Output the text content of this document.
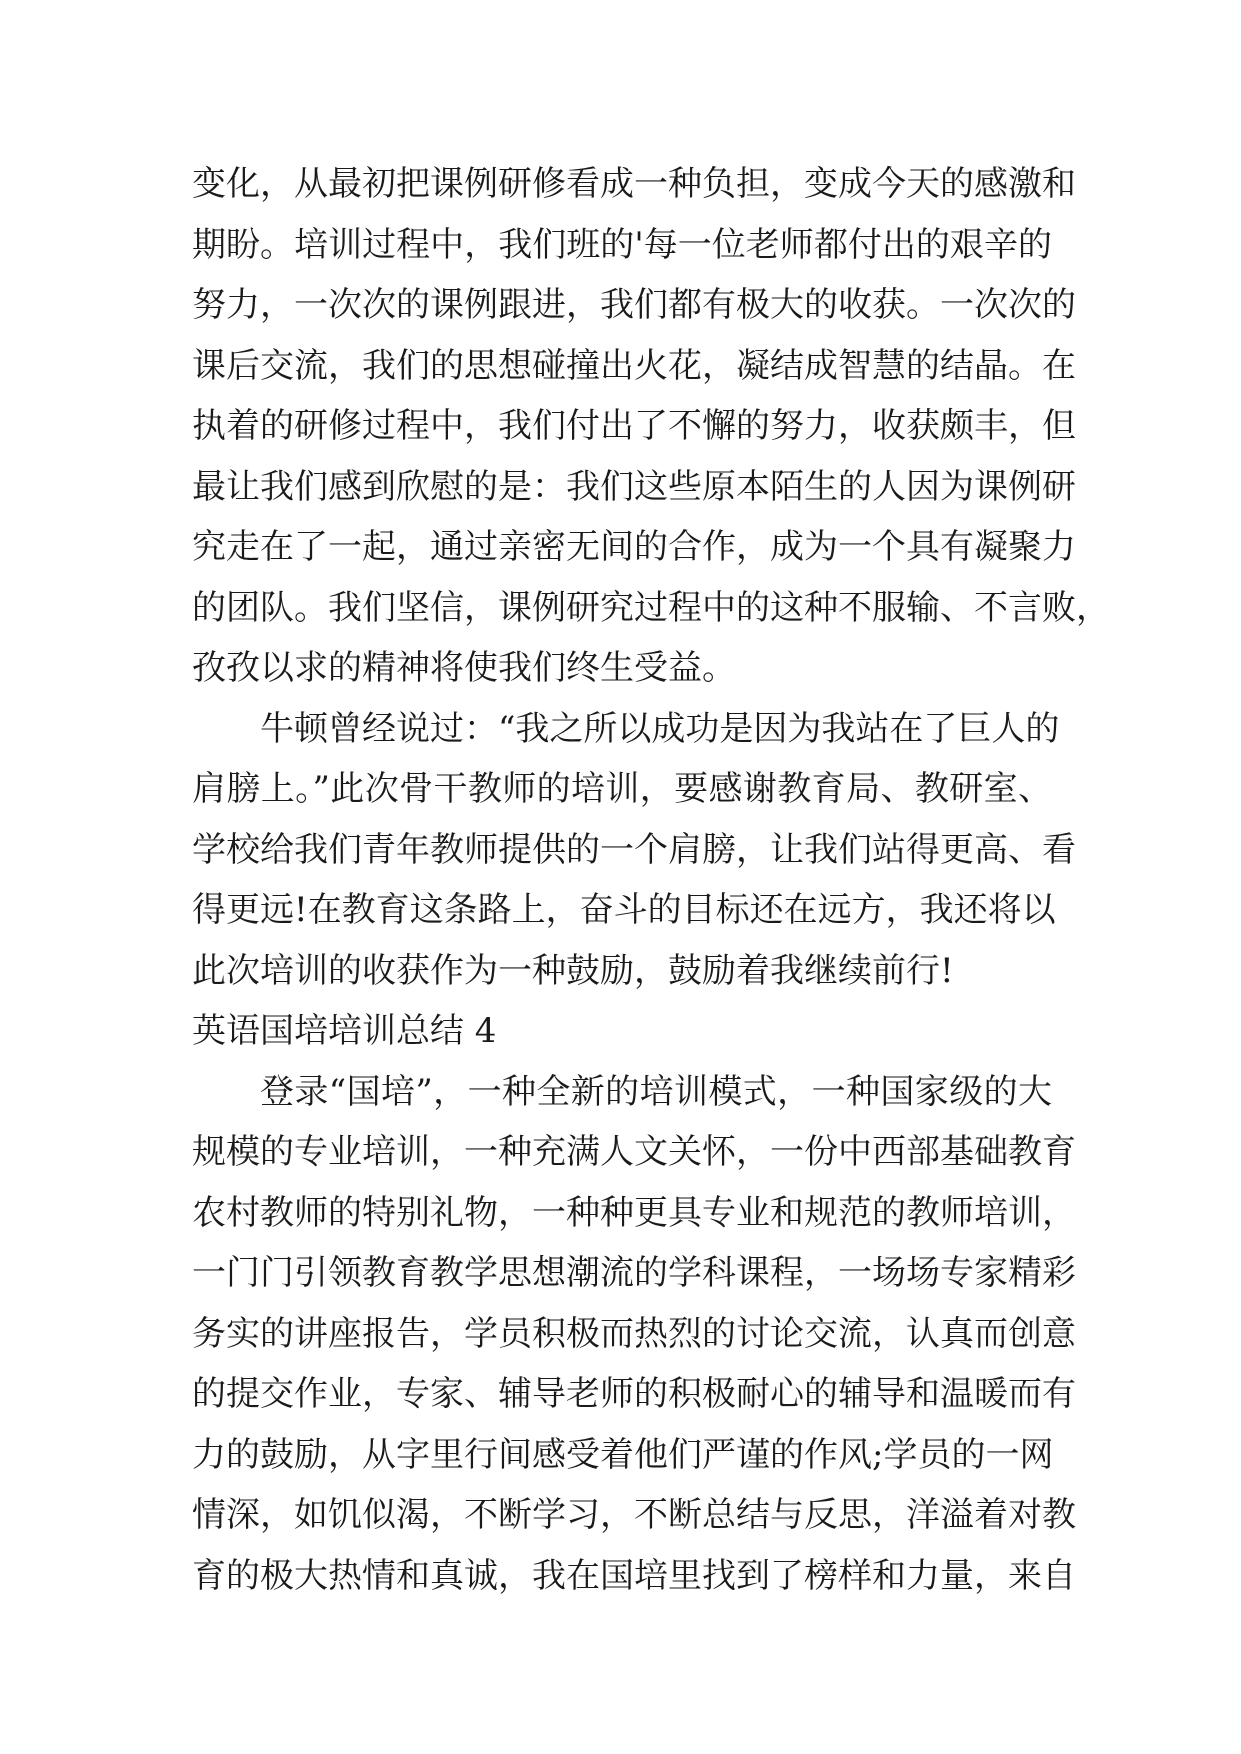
变化，从最初把课例研修看成一种负担，变成今天的感激和
期盼。培训过程中，我们班的'每一位老师都付出的艰辛的
努力，一次次的课例跟进，我们都有极大的收获。一次次的
课后交流，我们的思想碰撞出火花，凝结成智慧的结晶。在
执着的研修过程中，我们付出了不懈的努力，收获颇丰，但
最让我们感到欣慰的是：我们这些原本陌生的人因为课例研
究走在了一起，通过亲密无间的合作，成为一个具有凝聚力
的团队。我们坚信，课例研究过程中的这种不服输、不言败，
孜孜以求的精神将使我们终生受益。
牛顿曾经说过：“我之所以成功是因为我站在了巨人的
肩膀上。”此次骨干教师的培训，要感谢教育局、教研室、
学校给我们青年教师提供的一个肩膀，让我们站得更高、看
得更远!在教育这条路上，奋斗的目标还在远方，我还将以
此次培训的收获作为一种鼓励，鼓励着我继续前行!
英语国培培训总结 4
登录“国培”，一种全新的培训模式，一种国家级的大
规模的专业培训，一种充满人文关怀，一份中西部基础教育
农村教师的特别礼物，一种种更具专业和规范的教师培训，
一门门引领教育教学思想潮流的学科课程，一场场专家精彩
务实的讲座报告，学员积极而热烈的讨论交流，认真而创意
的提交作业，专家、辅导老师的积极耐心的辅导和温暖而有
力的鼓励，从字里行间感受着他们严谨的作风;学员的一网
情深，如饥似渴，不断学习，不断总结与反思，洋溢着对教
育的极大热情和真诚，我在国培里找到了榜样和力量，来自
